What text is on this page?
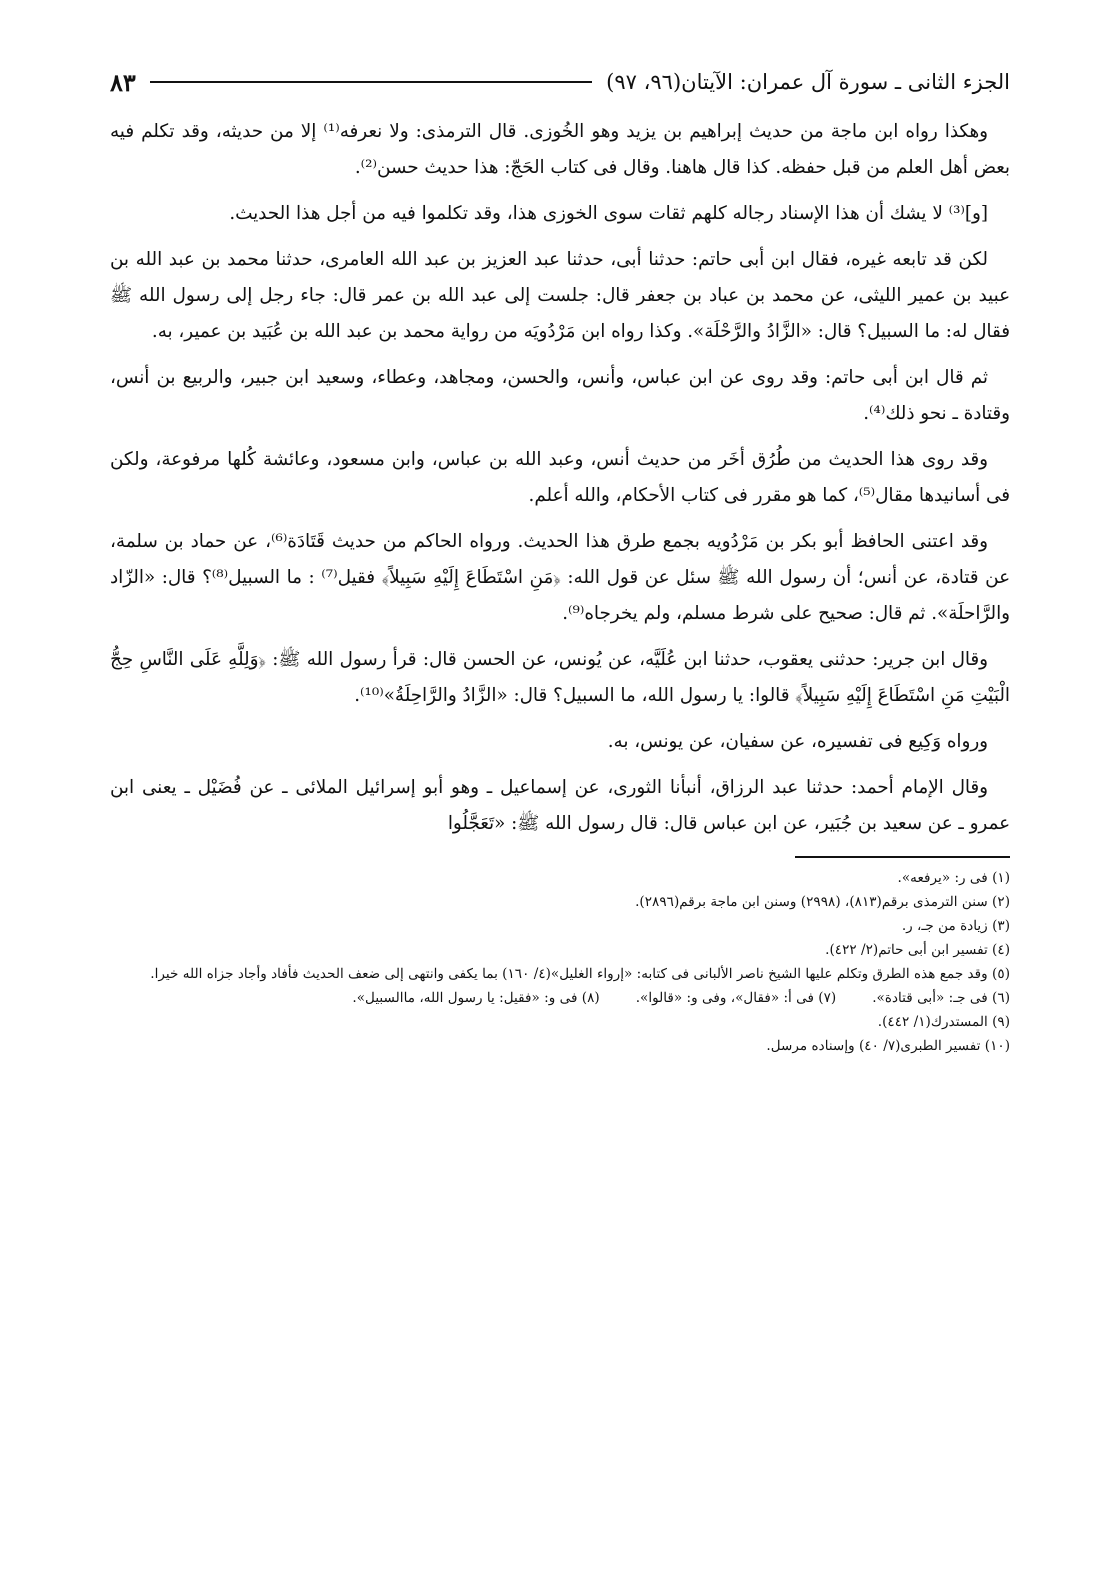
الجزء الثانى ـ سورة آل عمران: الآيتان(٩٦، ٩٧)
٨٣

وهكذا رواه ابن ماجة من حديث إبراهيم بن يزيد وهو الخُوزى. قال الترمذى: ولا نعرفه⁽¹⁾ إلا من حديثه، وقد تكلم فيه بعض أهل العلم من قبل حفظه. كذا قال هاهنا. وقال فى كتاب الحَجّ: هذا حديث حسن⁽²⁾.

[و]⁽³⁾ لا يشك أن هذا الإسناد رجاله كلهم ثقات سوى الخوزى هذا، وقد تكلموا فيه من أجل هذا الحديث.

لكن قد تابعه غيره، فقال ابن أبى حاتم: حدثنا أبى، حدثنا عبد العزيز بن عبد الله العامرى، حدثنا محمد بن عبد الله بن عبيد بن عمير الليثى، عن محمد بن عباد بن جعفر قال: جلست إلى عبد الله بن عمر قال: جاء رجل إلى رسول الله ﷺ فقال له: ما السبيل؟ قال: «الزَّادُ والرَّحْلَة». وكذا رواه ابن مَرْدُويَه من رواية محمد بن عبد الله بن عُبَيد بن عمير، به.

ثم قال ابن أبى حاتم: وقد روى عن ابن عباس، وأنس، والحسن، ومجاهد، وعطاء، وسعيد ابن جبير، والربيع بن أنس، وقتادة ـ نحو ذلك⁽⁴⁾.

وقد روى هذا الحديث من طُرُق أخَر من حديث أنس، وعبد الله بن عباس، وابن مسعود، وعائشة كُلها مرفوعة، ولكن فى أسانيدها مقال⁽⁵⁾، كما هو مقرر فى كتاب الأحكام، والله أعلم.

وقد اعتنى الحافظ أبو بكر بن مَرْدُويه بجمع طرق هذا الحديث. ورواه الحاكم من حديث قَتَادَة⁽⁶⁾، عن حماد بن سلمة، عن قتادة، عن أنس؛ أن رسول الله ﷺ سئل عن قول الله: ﴿مَنِ اسْتَطَاعَ إِلَيْهِ سَبِيلاً﴾ فقيل⁽⁷⁾ : ما السبيل⁽⁸⁾؟ قال: «الزّاد والرَّاحلَة». ثم قال: صحيح على شرط مسلم، ولم يخرجاه⁽⁹⁾.

وقال ابن جرير: حدثنى يعقوب، حدثنا ابن عُلَيَّه، عن يُونس، عن الحسن قال: قرأ رسول الله ﷺ: ﴿وَلِلَّهِ عَلَى النَّاسِ حِجُّ الْبَيْتِ مَنِ اسْتَطَاعَ إِلَيْهِ سَبِيلاً﴾ قالوا: يا رسول الله، ما السبيل؟ قال: «الزَّادُ والرَّاحِلَةُ»⁽¹⁰⁾.

ورواه وَكِيع فى تفسيره، عن سفيان، عن يونس، به.

وقال الإمام أحمد: حدثنا عبد الرزاق، أنبأنا الثورى، عن إسماعيل ـ وهو أبو إسرائيل الملائى ـ عن فُضَيْل ـ يعنى ابن عمرو ـ عن سعيد بن جُبَير، عن ابن عباس قال: قال رسول الله ﷺ: «تَعَجَّلُوا

(١) فى ر: «يرفعه».

(٢) سنن الترمذى برقم(٨١٣)، (٢٩٩٨) وسنن ابن ماجة برقم(٢٨٩٦).

(٣) زيادة من جـ، ر.

(٤) تفسير ابن أبى حاتم(٢/ ٤٢٢).

(٥) وقد جمع هذه الطرق وتكلم عليها الشيخ ناصر الألبانى فى كتابه: «إرواء الغليل»(٤/ ١٦٠) بما يكفى وانتهى إلى ضعف الحديث فأفاد وأجاد جزاه الله خيرا.

(٦) فى جـ: «أبى قتادة».
(٧) فى أ: «فقال»، وفى و: «قالوا».
(٨) فى و: «فقيل: يا رسول الله، ماالسبيل».

(٩) المستدرك(١/ ٤٤٢).

(١٠) تفسير الطبرى(٧/ ٤٠) وإسناده مرسل.
